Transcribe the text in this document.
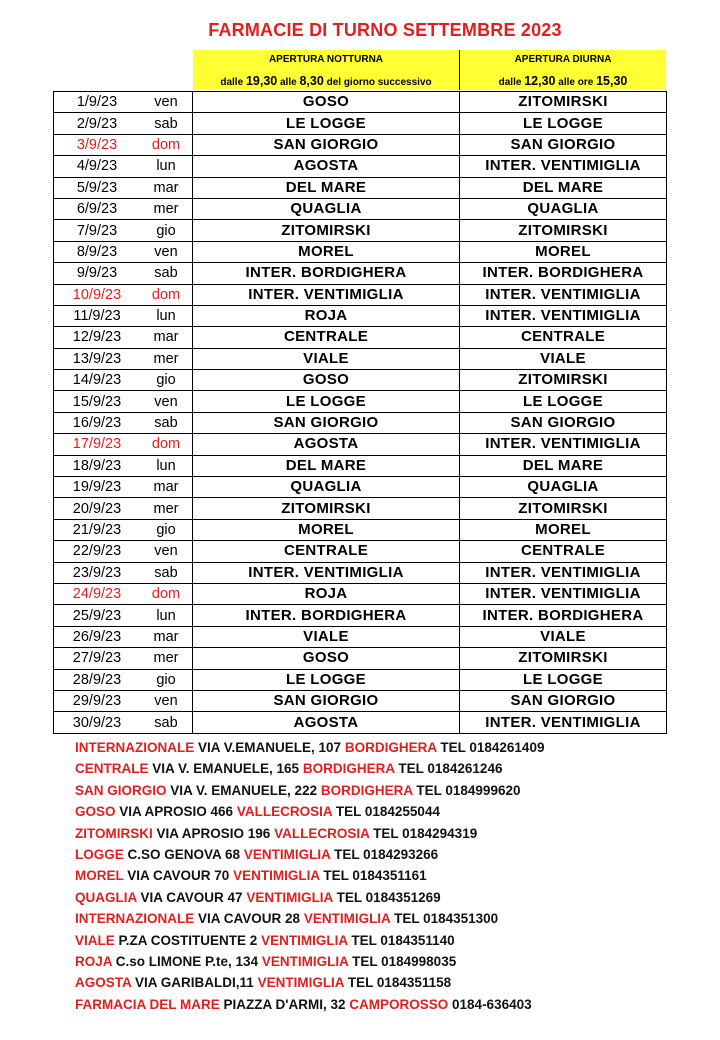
FARMACIE DI TURNO SETTEMBRE 2023
APERTURA NOTTURNA
dalle 19,30 alle 8,30 del giorno successivo
APERTURA DIURNA
dalle 12,30 alle ore 15,30
1/9/23	ven	GOSO	ZITOMIRSKI
2/9/23	sab	LE LOGGE	LE LOGGE
3/9/23	dom	SAN GIORGIO	SAN GIORGIO
4/9/23	lun	AGOSTA	INTER. VENTIMIGLIA
5/9/23	mar	DEL MARE	DEL MARE
6/9/23	mer	QUAGLIA	QUAGLIA
7/9/23	gio	ZITOMIRSKI	ZITOMIRSKI
8/9/23	ven	MOREL	MOREL
9/9/23	sab	INTER. BORDIGHERA	INTER. BORDIGHERA
10/9/23	dom	INTER. VENTIMIGLIA	INTER. VENTIMIGLIA
11/9/23	lun	ROJA	INTER. VENTIMIGLIA
12/9/23	mar	CENTRALE	CENTRALE
13/9/23	mer	VIALE	VIALE
14/9/23	gio	GOSO	ZITOMIRSKI
15/9/23	ven	LE LOGGE	LE LOGGE
16/9/23	sab	SAN GIORGIO	SAN GIORGIO
17/9/23	dom	AGOSTA	INTER. VENTIMIGLIA
18/9/23	lun	DEL MARE	DEL MARE
19/9/23	mar	QUAGLIA	QUAGLIA
20/9/23	mer	ZITOMIRSKI	ZITOMIRSKI
21/9/23	gio	MOREL	MOREL
22/9/23	ven	CENTRALE	CENTRALE
23/9/23	sab	INTER. VENTIMIGLIA	INTER. VENTIMIGLIA
24/9/23	dom	ROJA	INTER. VENTIMIGLIA
25/9/23	lun	INTER. BORDIGHERA	INTER. BORDIGHERA
26/9/23	mar	VIALE	VIALE
27/9/23	mer	GOSO	ZITOMIRSKI
28/9/23	gio	LE LOGGE	LE LOGGE
29/9/23	ven	SAN GIORGIO	SAN GIORGIO
30/9/23	sab	AGOSTA	INTER. VENTIMIGLIA
INTERNAZIONALE VIA V.EMANUELE, 107 BORDIGHERA TEL 0184261409
CENTRALE VIA V. EMANUELE, 165 BORDIGHERA TEL 0184261246
SAN GIORGIO VIA V. EMANUELE, 222 BORDIGHERA TEL 0184999620
GOSO VIA APROSIO 466 VALLECROSIA TEL 0184255044
ZITOMIRSKI VIA APROSIO 196 VALLECROSIA TEL 0184294319
LOGGE C.SO GENOVA 68 VENTIMIGLIA TEL 0184293266
MOREL VIA CAVOUR 70 VENTIMIGLIA TEL 0184351161
QUAGLIA VIA CAVOUR 47 VENTIMIGLIA TEL 0184351269
INTERNAZIONALE VIA CAVOUR 28 VENTIMIGLIA TEL 0184351300
VIALE P.ZA COSTITUENTE 2 VENTIMIGLIA TEL 0184351140
ROJA C.so LIMONE P.te, 134 VENTIMIGLIA TEL 0184998035
AGOSTA VIA GARIBALDI,11 VENTIMIGLIA TEL 0184351158
FARMACIA DEL MARE PIAZZA D'ARMI, 32 CAMPOROSSO 0184-636403
